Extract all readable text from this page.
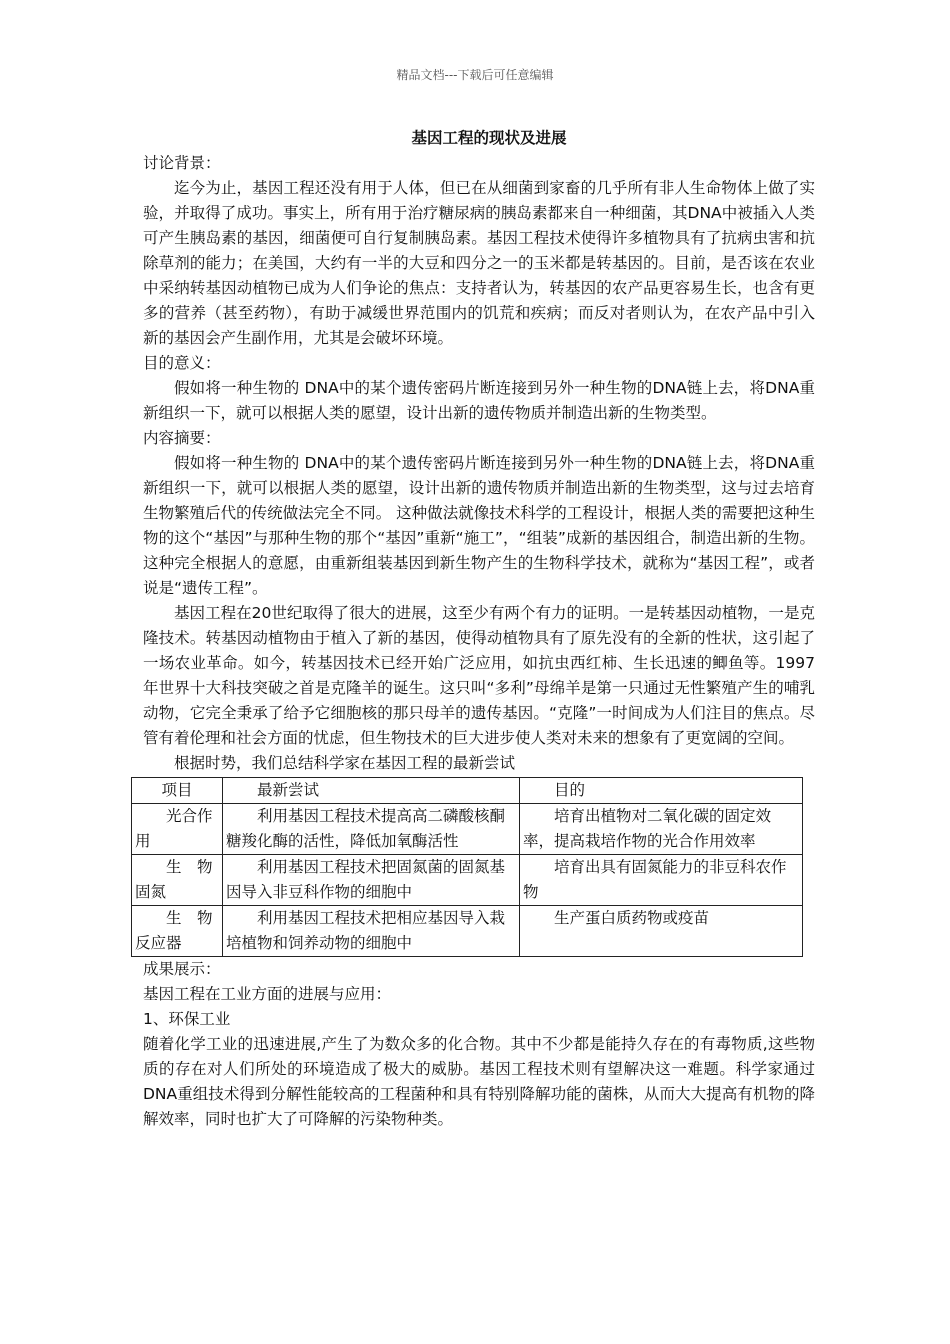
精品文档---下载后可任意编辑
基因工程的现状及进展

讨论背景：

迄今为止，基因工程还没有用于人体，但已在从细菌到家畜的几乎所有非人生命物体上做了实验，并取得了成功。事实上，所有用于治疗糖尿病的胰岛素都来自一种细菌，其DNA中被插入人类可产生胰岛素的基因，细菌便可自行复制胰岛素。基因工程技术使得许多植物具有了抗病虫害和抗除草剂的能力；在美国，大约有一半的大豆和四分之一的玉米都是转基因的。目前，是否该在农业中采纳转基因动植物已成为人们争论的焦点：支持者认为，转基因的农产品更容易生长，也含有更多的营养（甚至药物），有助于减缓世界范围内的饥荒和疾病；而反对者则认为，在农产品中引入新的基因会产生副作用，尤其是会破坏环境。

目的意义：

假如将一种生物的 DNA中的某个遗传密码片断连接到另外一种生物的DNA链上去，将DNA重新组织一下，就可以根据人类的愿望，设计出新的遗传物质并制造出新的生物类型。

内容摘要：

假如将一种生物的 DNA中的某个遗传密码片断连接到另外一种生物的DNA链上去，将DNA重新组织一下，就可以根据人类的愿望，设计出新的遗传物质并制造出新的生物类型，这与过去培育生物繁殖后代的传统做法完全不同。 这种做法就像技术科学的工程设计，根据人类的需要把这种生物的这个“基因”与那种生物的那个“基因”重新“施工”，“组装”成新的基因组合，制造出新的生物。这种完全根据人的意愿，由重新组装基因到新生物产生的生物科学技术，就称为“基因工程”，或者说是“遗传工程”。

基因工程在20世纪取得了很大的进展，这至少有两个有力的证明。一是转基因动植物，一是克隆技术。转基因动植物由于植入了新的基因，使得动植物具有了原先没有的全新的性状，这引起了一场农业革命。如今，转基因技术已经开始广泛应用，如抗虫西红柿、生长迅速的鲫鱼等。1997年世界十大科技突破之首是克隆羊的诞生。这只叫“多利”母绵羊是第一只通过无性繁殖产生的哺乳动物，它完全秉承了给予它细胞核的那只母羊的遗传基因。“克隆”一时间成为人们注目的焦点。尽管有着伦理和社会方面的忧虑，但生物技术的巨大进步使人类对未来的想象有了更宽阔的空间。

根据时势，我们总结科学家在基因工程的最新尝试

项目	最新尝试	目的
光合作用	利用基因工程技术提高高二磷酸核酮糖羧化酶的活性，降低加氧酶活性	培育出植物对二氧化碳的固定效率，提高栽培作物的光合作用效率
生　物固氮	利用基因工程技术把固氮菌的固氮基因导入非豆科作物的细胞中	培育出具有固氮能力的非豆科农作物
生　物反应器	利用基因工程技术把相应基因导入栽培植物和饲养动物的细胞中	生产蛋白质药物或疫苗

成果展示：

基因工程在工业方面的进展与应用：

1、环保工业

随着化学工业的迅速进展,产生了为数众多的化合物。其中不少都是能持久存在的有毒物质,这些物质的存在对人们所处的环境造成了极大的威胁。基因工程技术则有望解决这一难题。科学家通过DNA重组技术得到分解性能较高的工程菌种和具有特别降解功能的菌株，从而大大提高有机物的降解效率，同时也扩大了可降解的污染物种类。
